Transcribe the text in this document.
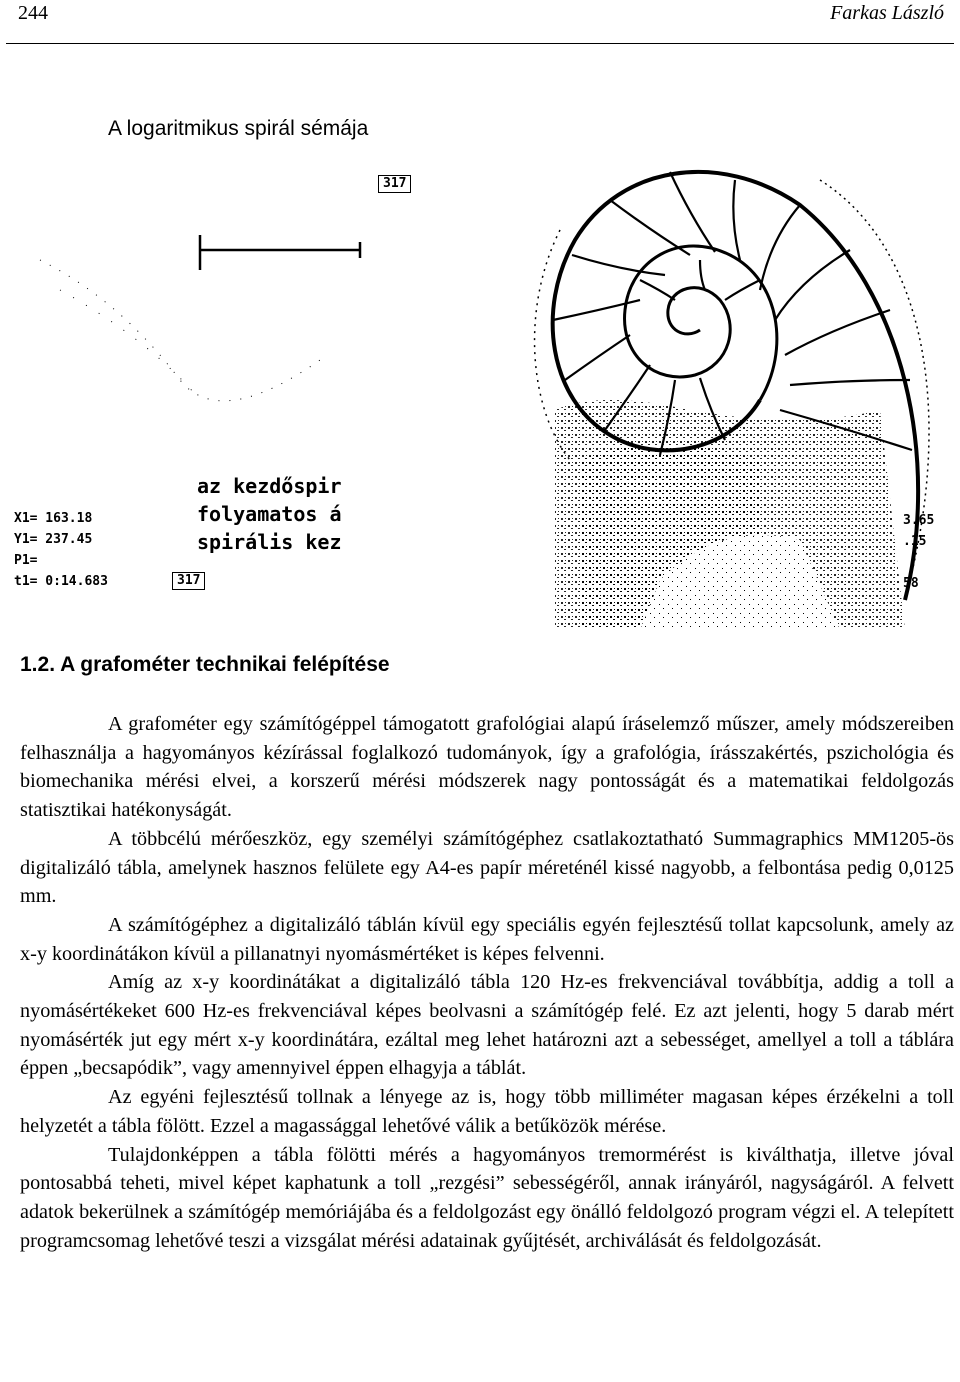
244	Farkas László
A logaritmikus spirál sémája
317
317
az kezdőspir
folyamatos á
spirális kez
X1= 163.18
Y1= 237.45
P1=
t1= 0:14.683
3.65
.15

58
1.2. A grafométer technikai felépítése

A grafométer egy számítógéppel támogatott grafológiai alapú íráselemző műszer, amely módszereiben felhasználja a hagyományos kézírással foglalkozó tudományok, így a grafológia, írásszakértés, pszichológia és biomechanika mérési elvei, a korszerű mérési módszerek nagy pontosságát és a matematikai feldolgozás statisztikai hatékonyságát.

A többcélú mérőeszköz, egy személyi számítógéphez csatlakoztatható Summagraphics MM1205-ös digitalizáló tábla, amelynek hasznos felülete egy A4-es papír méreténél kissé nagyobb, a felbontása pedig 0,0125 mm.

A számítógéphez a digitalizáló táblán kívül egy speciális egyén fejlesztésű tollat kapcsolunk, amely az x-y koordinátákon kívül a pillanatnyi nyomásmértéket is képes felvenni.

Amíg az x-y koordinátákat a digitalizáló tábla 120 Hz-es frekvenciával továbbítja, addig a toll a nyomásértékeket 600 Hz-es frekvenciával képes beolvasni a számítógép felé. Ez azt jelenti, hogy 5 darab mért nyomásérték jut egy mért x-y koordinátára, ezáltal meg lehet határozni azt a sebességet, amellyel a toll a táblára éppen „becsapódik”, vagy amennyivel éppen elhagyja a táblát.

Az egyéni fejlesztésű tollnak a lényege az is, hogy több milliméter magasan képes érzékelni a toll helyzetét a tábla fölött. Ezzel a magassággal lehetővé válik a betűközök mérése.

Tulajdonképpen a tábla fölötti mérés a hagyományos tremormérést is kiválthatja, illetve jóval pontosabbá teheti, mivel képet kaphatunk a toll „rezgési” sebességéről, annak irányáról, nagyságáról. A felvett adatok bekerülnek a számítógép memóriájába és a feldolgozást egy önálló feldolgozó program végzi el. A telepített programcsomag lehetővé teszi a vizsgálat mérési adatainak gyűjtését, archiválását és feldolgozását.
